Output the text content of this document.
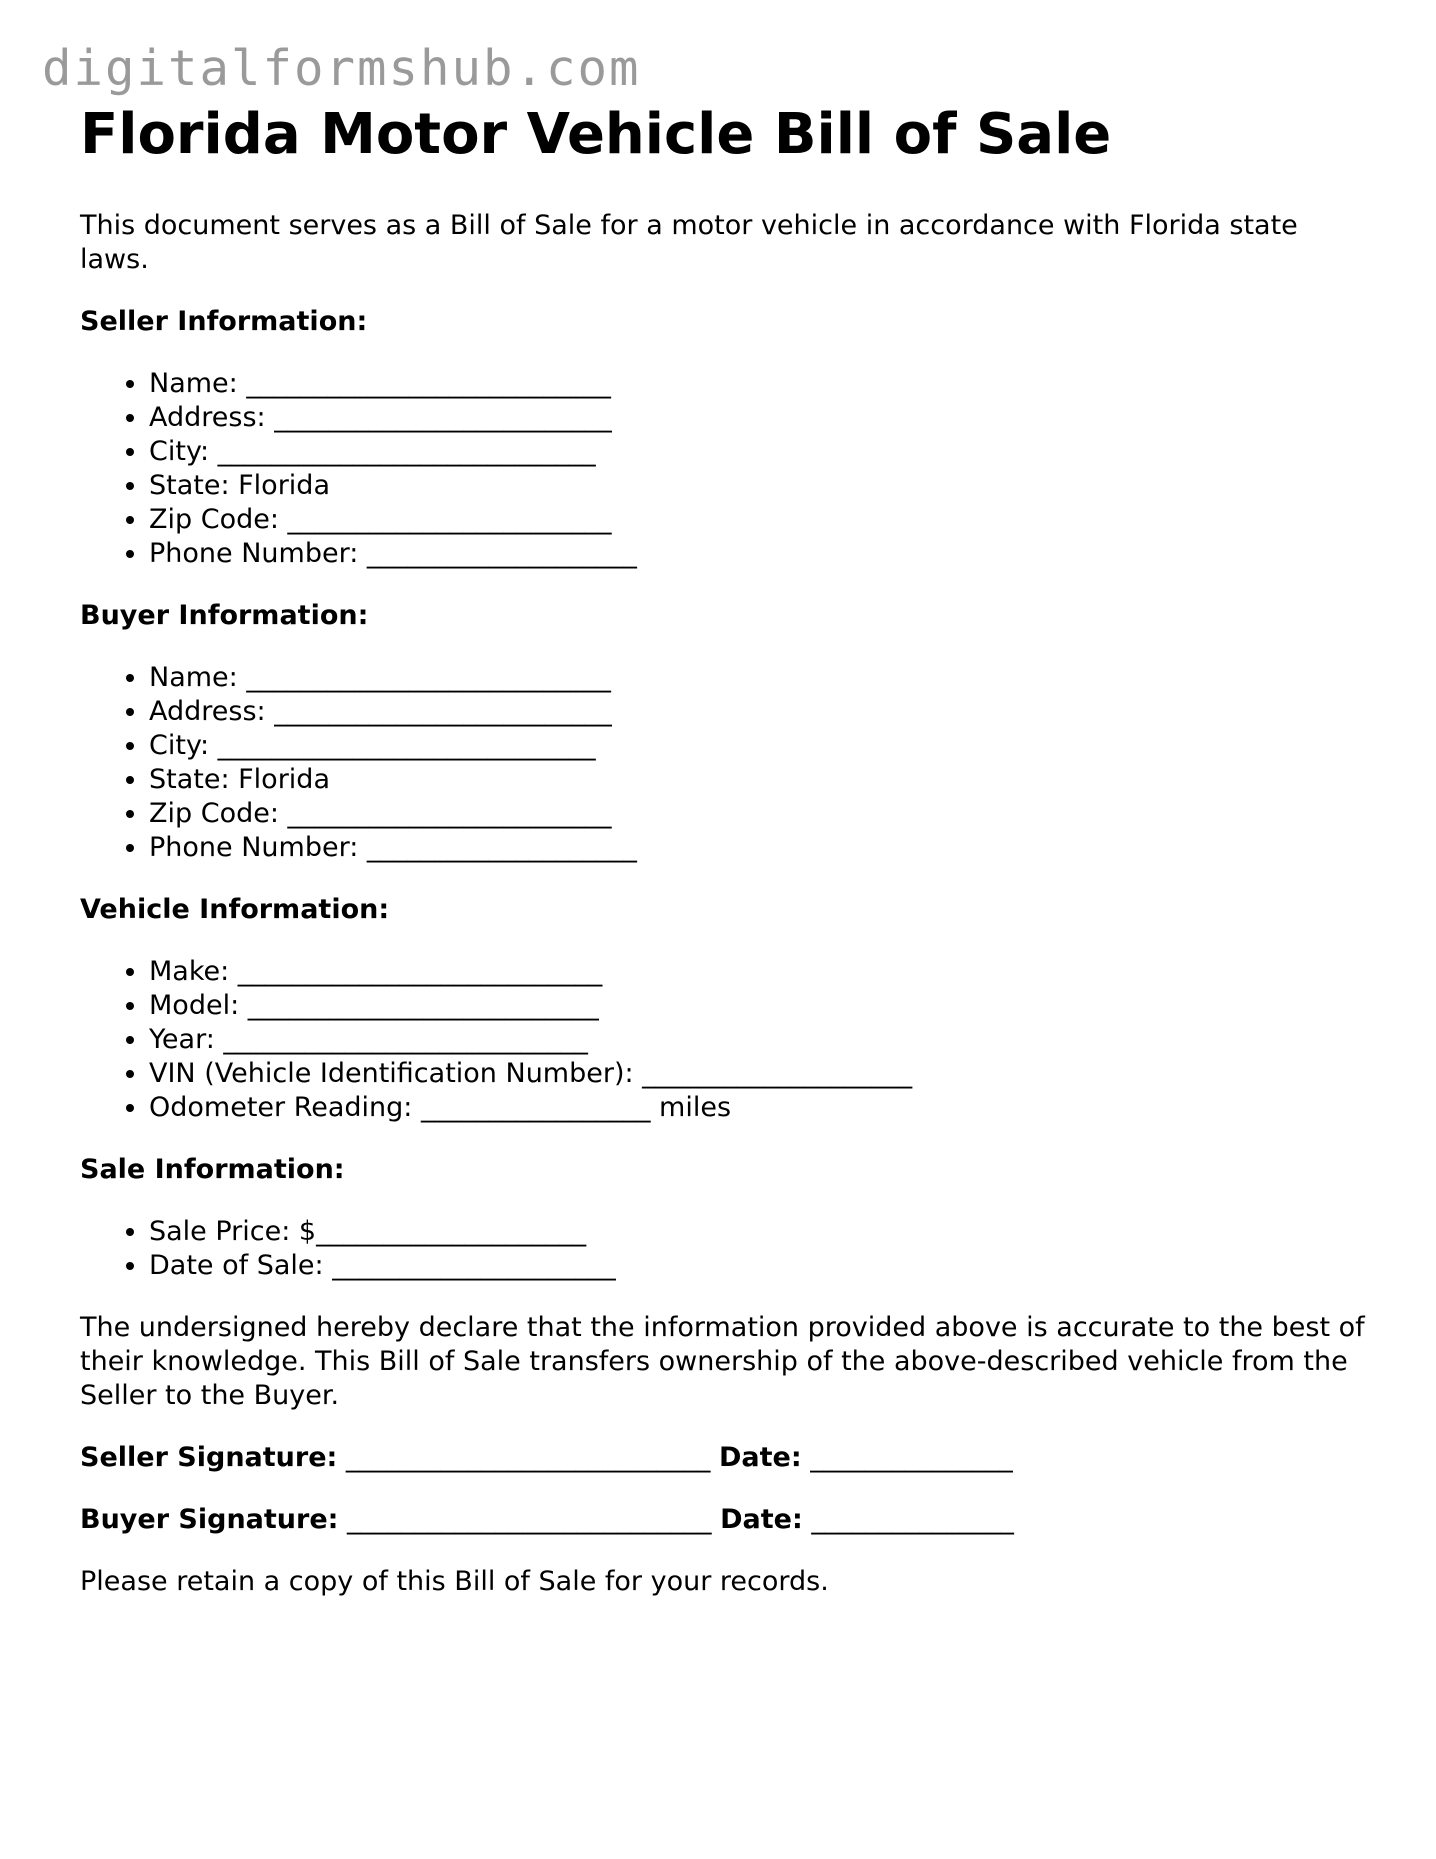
digitalformshub.com
Florida Motor Vehicle Bill of Sale

This document serves as a Bill of Sale for a motor vehicle in accordance with Florida state laws.

Seller Information:
• Name: ___________________________
• Address: _________________________
• City: ____________________________
• State: Florida
• Zip Code: ________________________
• Phone Number: ____________________
Buyer Information:
• Name: ___________________________
• Address: _________________________
• City: ____________________________
• State: Florida
• Zip Code: ________________________
• Phone Number: ____________________
Vehicle Information:
• Make: ___________________________
• Model: __________________________
• Year: ___________________________
• VIN (Vehicle Identification Number): ____________________
• Odometer Reading: _________________ miles
Sale Information:
• Sale Price: $____________________
• Date of Sale: _____________________

The undersigned hereby declare that the information provided above is accurate to the best of their knowledge. This Bill of Sale transfers ownership of the above-described vehicle from the Seller to the Buyer.

Seller Signature: ___________________________ Date: _______________
Buyer Signature: ___________________________ Date: _______________

Please retain a copy of this Bill of Sale for your records.
